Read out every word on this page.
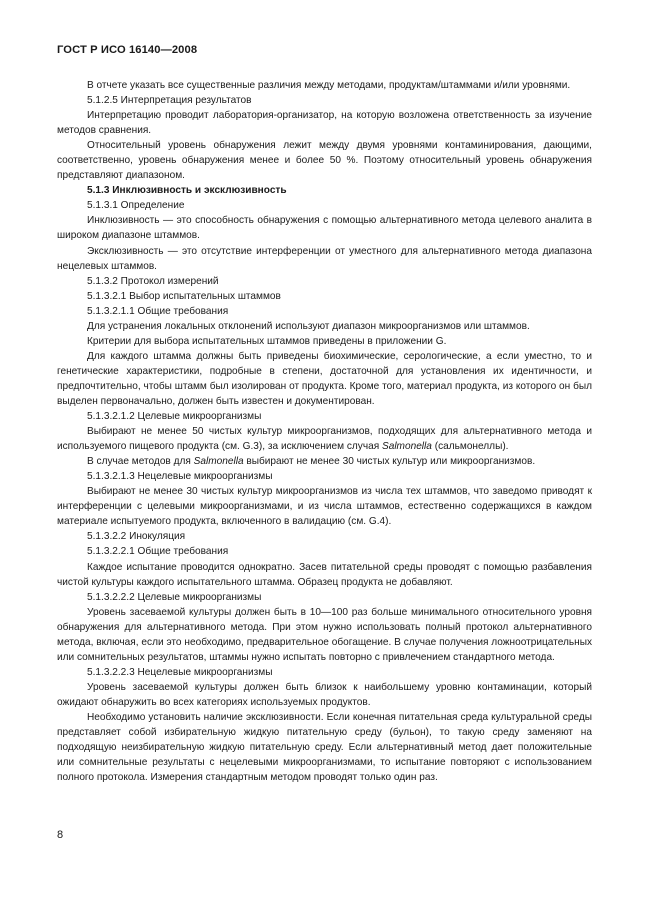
ГОСТ Р ИСО 16140—2008

В отчете указать все существенные различия между методами, продуктам/штаммами и/или уровнями.

5.1.2.5 Интерпретация результатов

Интерпретацию проводит лаборатория-организатор, на которую возложена ответственность за изучение методов сравнения.

Относительный уровень обнаружения лежит между двумя уровнями контаминирования, дающими, соответственно, уровень обнаружения менее и более 50 %. Поэтому относительный уровень обнаружения представляют диапазоном.

5.1.3 Инклюзивность и эксклюзивность

5.1.3.1 Определение

Инклюзивность — это способность обнаружения с помощью альтернативного метода целевого аналита в широком диапазоне штаммов.

Эксклюзивность — это отсутствие интерференции от уместного для альтернативного метода диапазона нецелевых штаммов.

5.1.3.2 Протокол измерений

5.1.3.2.1 Выбор испытательных штаммов

5.1.3.2.1.1 Общие требования

Для устранения локальных отклонений используют диапазон микроорганизмов или штаммов.

Критерии для выбора испытательных штаммов приведены в приложении G.

Для каждого штамма должны быть приведены биохимические, серологические, а если уместно, то и генетические характеристики, подробные в степени, достаточной для установления их идентичности, и предпочтительно, чтобы штамм был изолирован от продукта. Кроме того, материал продукта, из которого он был выделен первоначально, должен быть известен и документирован.

5.1.3.2.1.2 Целевые микроорганизмы

Выбирают не менее 50 чистых культур микроорганизмов, подходящих для альтернативного метода и используемого пищевого продукта (см. G.3), за исключением случая Salmonella (сальмонеллы).

В случае методов для Salmonella выбирают не менее 30 чистых культур или микроорганизмов.

5.1.3.2.1.3 Нецелевые микроорганизмы

Выбирают не менее 30 чистых культур микроорганизмов из числа тех штаммов, что заведомо приводят к интерференции с целевыми микроорганизмами, и из числа штаммов, естественно содержащихся в каждом материале испытуемого продукта, включенного в валидацию (см. G.4).

5.1.3.2.2 Инокуляция

5.1.3.2.2.1 Общие требования

Каждое испытание проводится однократно. Засев питательной среды проводят с помощью разбавления чистой культуры каждого испытательного штамма. Образец продукта не добавляют.

5.1.3.2.2.2 Целевые микроорганизмы

Уровень засеваемой культуры должен быть в 10—100 раз больше минимального относительного уровня обнаружения для альтернативного метода. При этом нужно использовать полный протокол альтернативного метода, включая, если это необходимо, предварительное обогащение. В случае получения ложноотрицательных или сомнительных результатов, штаммы нужно испытать повторно с привлечением стандартного метода.

5.1.3.2.2.3 Нецелевые микроорганизмы

Уровень засеваемой культуры должен быть близок к наибольшему уровню контаминации, который ожидают обнаружить во всех категориях используемых продуктов.

Необходимо установить наличие эксклюзивности. Если конечная питательная среда культуральной среды представляет собой избирательную жидкую питательную среду (бульон), то такую среду заменяют на подходящую неизбирательную жидкую питательную среду. Если альтернативный метод дает положительные или сомнительные результаты с нецелевыми микроорганизмами, то испытание повторяют с использованием полного протокола. Измерения стандартным методом проводят только один раз.

8
